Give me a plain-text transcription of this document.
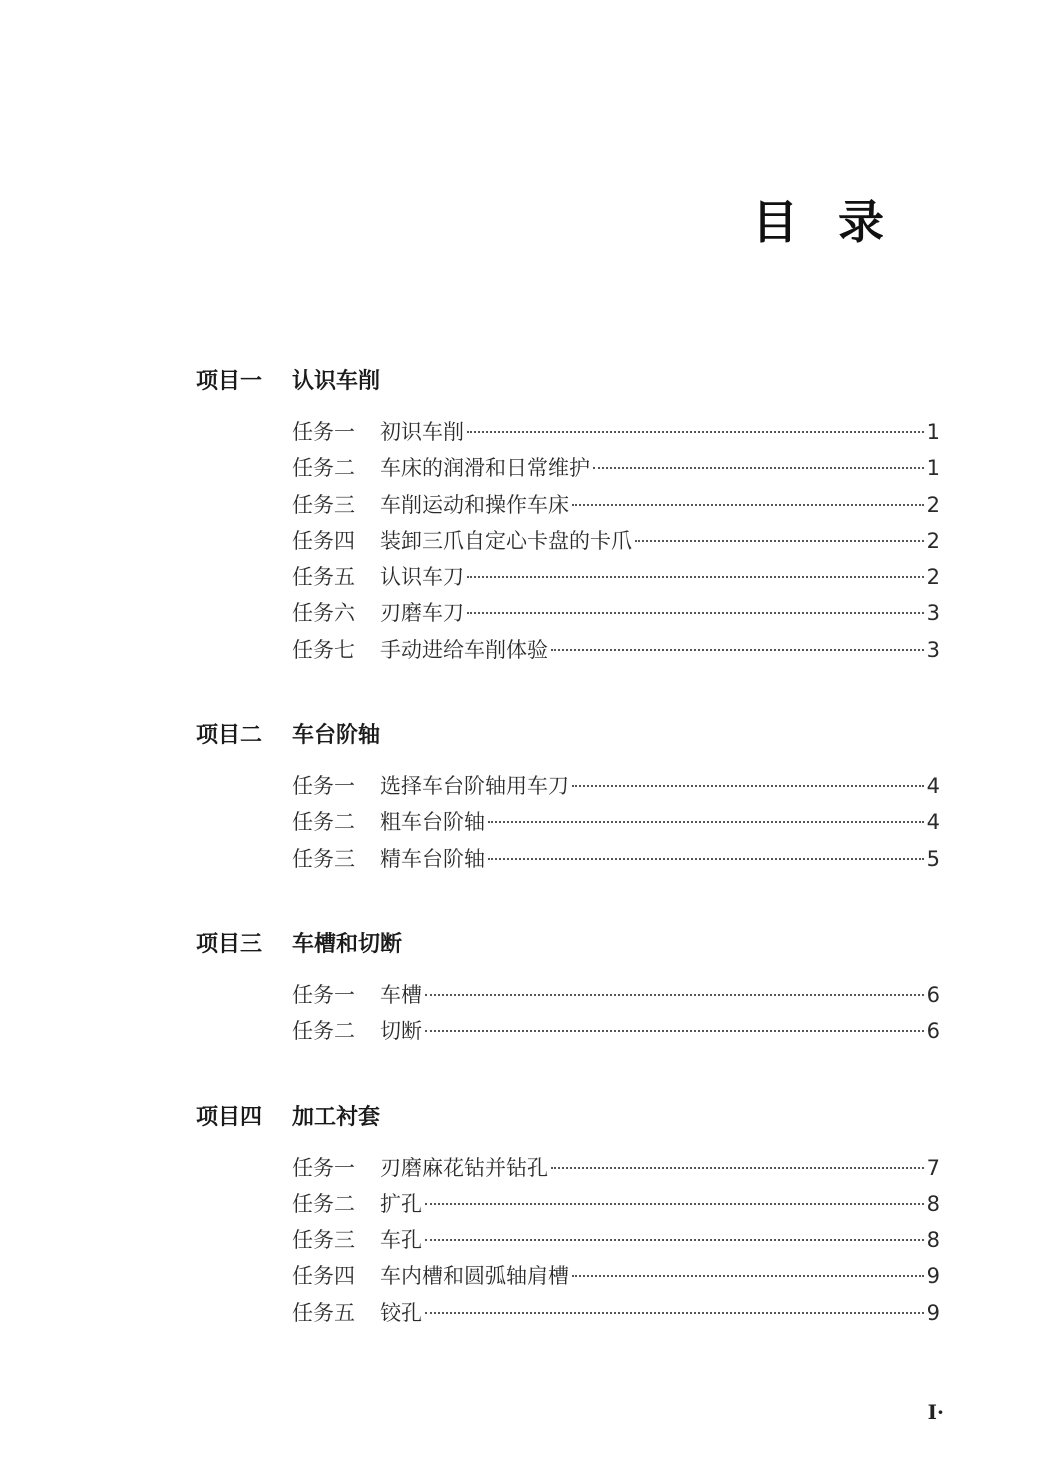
目录
项目一 认识车削
任务一	初识车削	1
任务二	车床的润滑和日常维护	1
任务三	车削运动和操作车床	2
任务四	装卸三爪自定心卡盘的卡爪	2
任务五	认识车刀	2
任务六	刃磨车刀	3
任务七	手动进给车削体验	3
项目二 车台阶轴
任务一	选择车台阶轴用车刀	4
任务二	粗车台阶轴	4
任务三	精车台阶轴	5
项目三 车槽和切断
任务一	车槽	6
任务二	切断	6
项目四 加工衬套
任务一	刃磨麻花钻并钻孔	7
任务二	扩孔	8
任务三	车孔	8
任务四	车内槽和圆弧轴肩槽	9
任务五	铰孔	9
I·
